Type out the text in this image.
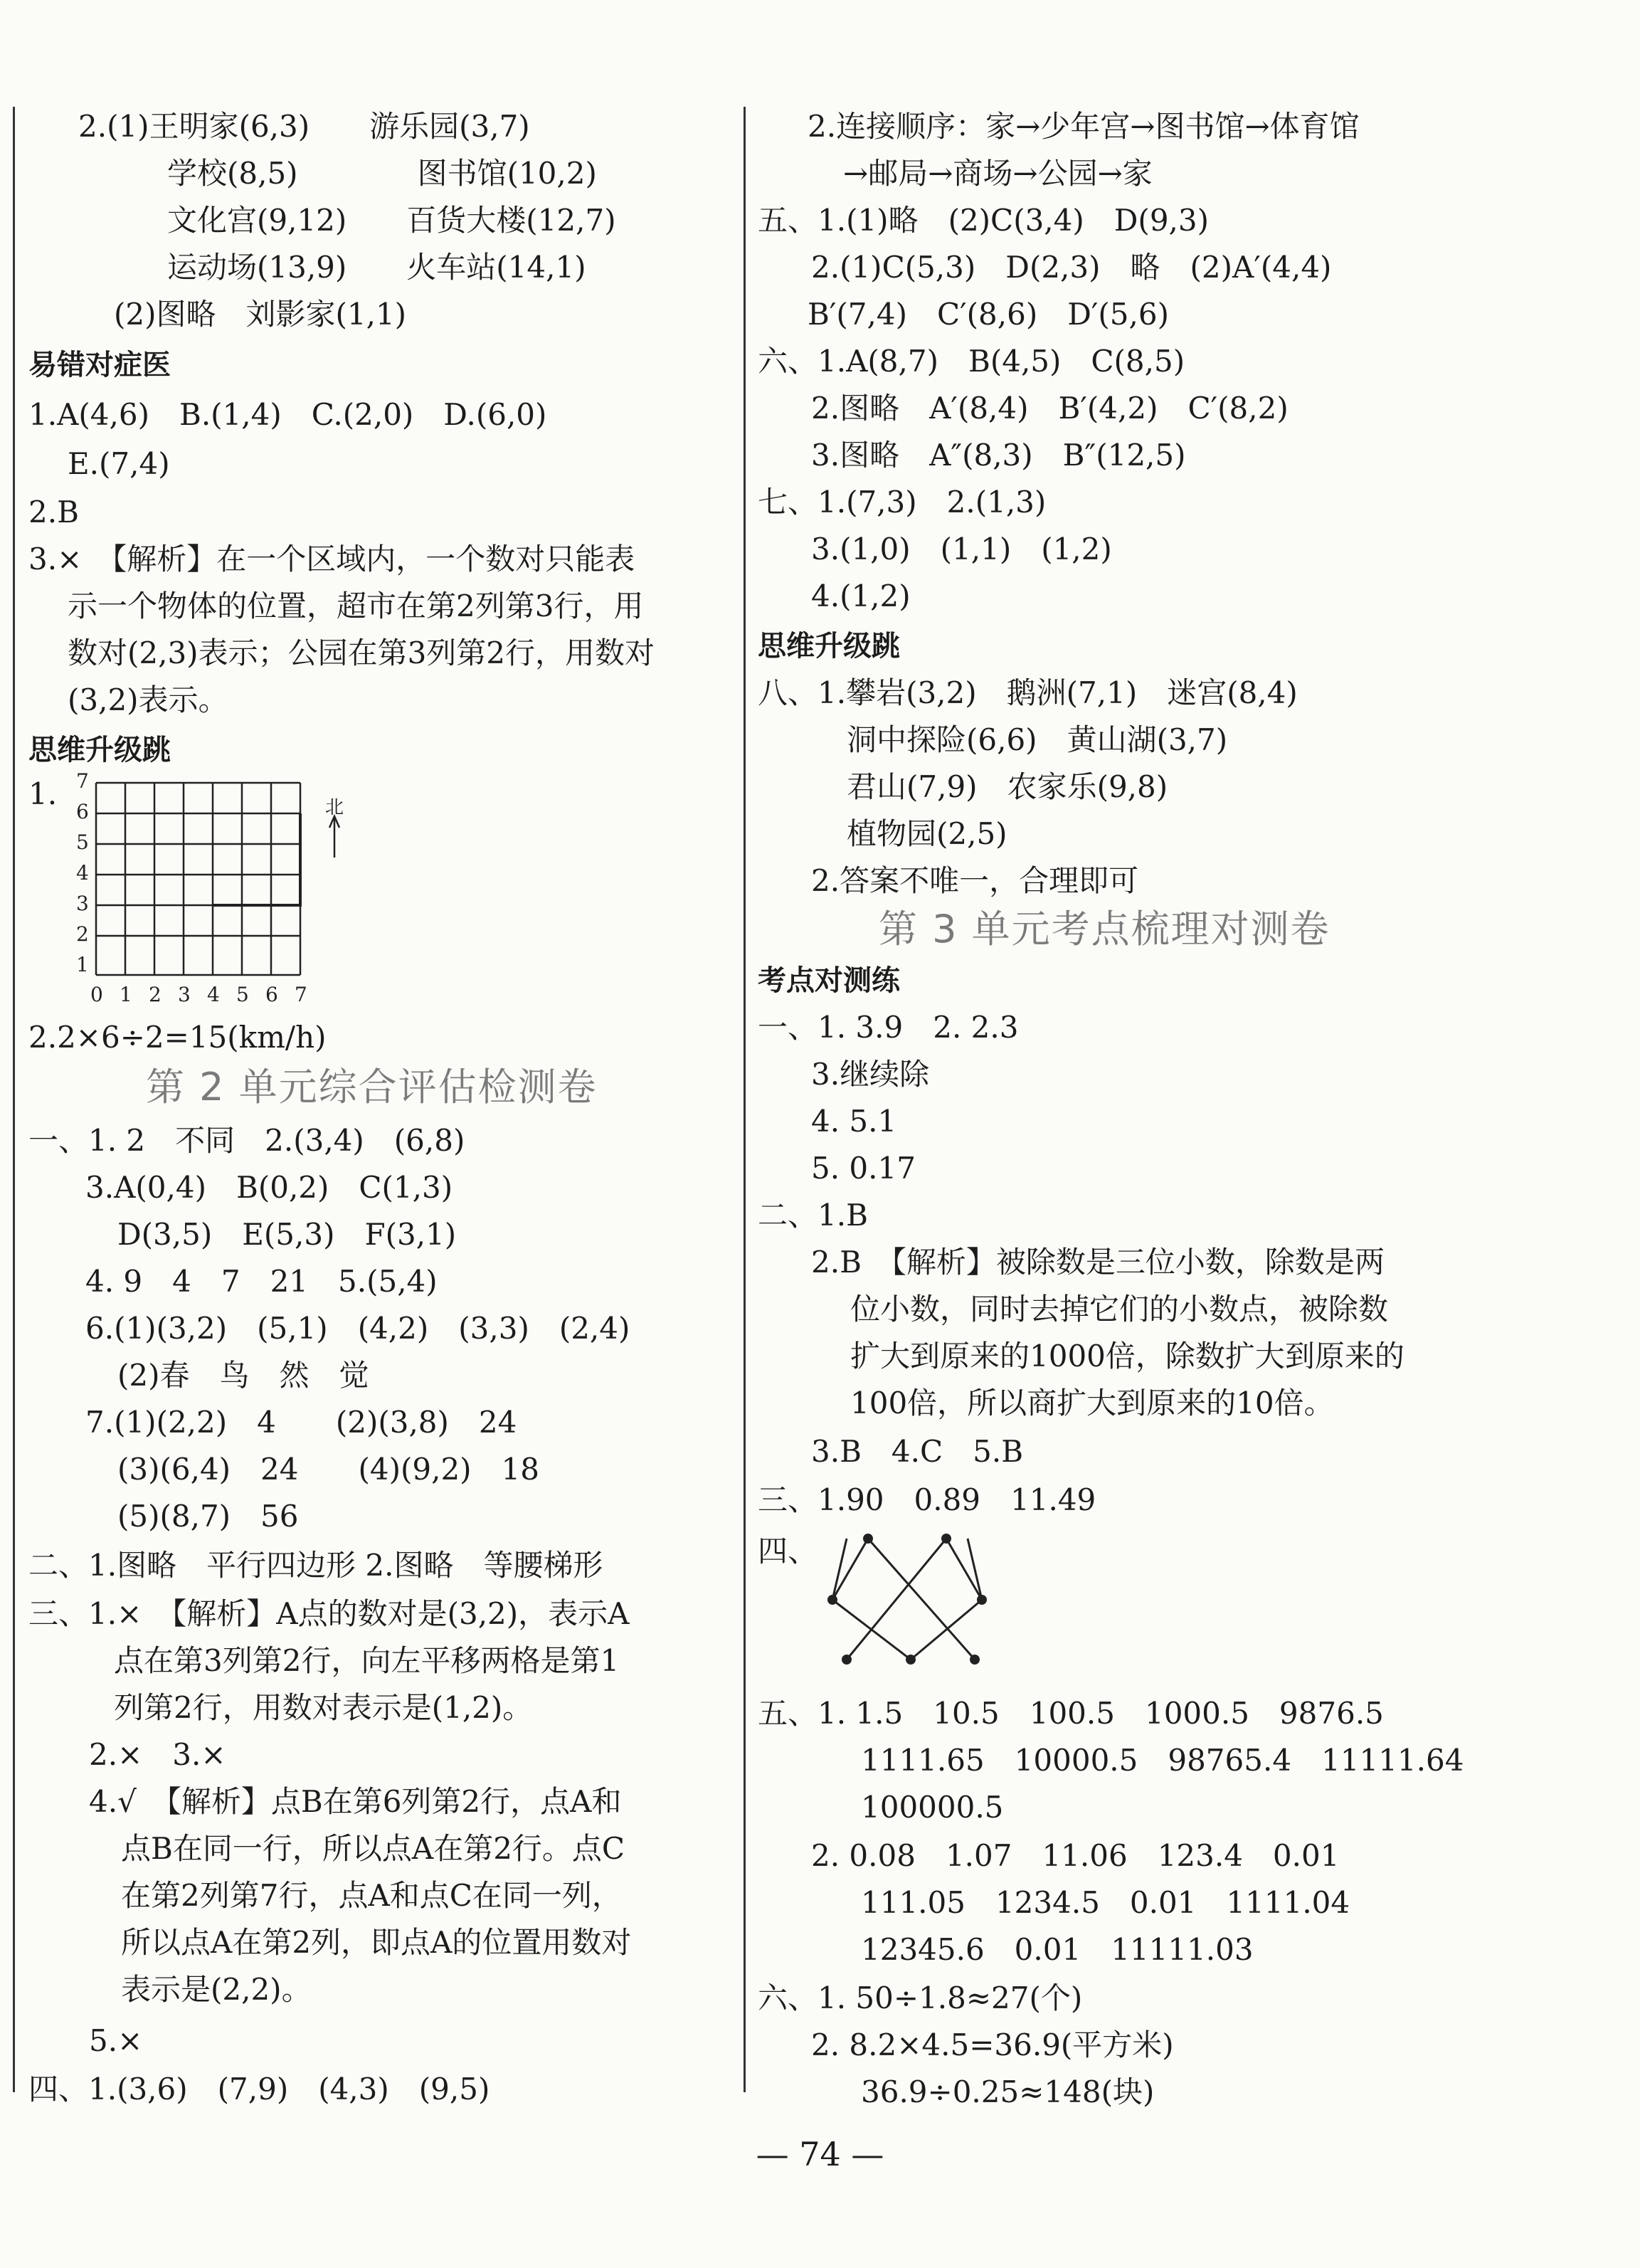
2.(1)王明家(6,3)　　游乐园(3,7)
学校(8,5)　　　　图书馆(10,2)
文化宫(9,12)　　百货大楼(12,7)
运动场(13,9)　　火车站(14,1)
(2)图略　刘影家(1,1)
易错对症医
1.A(4,6)　B.(1,4)　C.(2,0)　D.(6,0)
E.(7,4)
2.B
3.×　【解析】在一个区域内，一个数对只能表
示一个物体的位置，超市在第2列第3行，用
数对(2,3)表示；公园在第3列第2行，用数对
(3,2)表示。
思维升级跳
1. 7
6
5
4
3
2
1
0 1 2 3 4 5 6 7
北
2.2×6÷2=15(km/h)
第 2 单元综合评估检测卷
一、1. 2　不同　2.(3,4)　(6,8)
3.A(0,4)　B(0,2)　C(1,3)
D(3,5)　E(5,3)　F(3,1)
4. 9　4　7　21　5.(5,4)
6.(1)(3,2)　(5,1)　(4,2)　(3,3)　(2,4)
(2)春　鸟　然　觉
7.(1)(2,2)　4　　(2)(3,8)　24
(3)(6,4)　24　　(4)(9,2)　18
(5)(8,7)　56
二、1.图略　平行四边形 2.图略　等腰梯形
三、1.×　【解析】A点的数对是(3,2)，表示A
点在第3列第2行，向左平移两格是第1
列第2行，用数对表示是(1,2)。
2.×　3.×
4.√　【解析】点B在第6列第2行，点A和
点B在同一行，所以点A在第2行。点C
在第2列第7行，点A和点C在同一列，
所以点A在第2列，即点A的位置用数对
表示是(2,2)。
5.×
四、1.(3,6)　(7,9)　(4,3)　(9,5)
2.连接顺序：家→少年宫→图书馆→体育馆
→邮局→商场→公园→家
五、1.(1)略　(2)C(3,4)　D(9,3)
2.(1)C(5,3)　D(2,3)　略　(2)A′(4,4)
B′(7,4)　C′(8,6)　D′(5,6)
六、1.A(8,7)　B(4,5)　C(8,5)
2.图略　A′(8,4)　B′(4,2)　C′(8,2)
3.图略　A″(8,3)　B″(12,5)
七、1.(7,3)　2.(1,3)
3.(1,0)　(1,1)　(1,2)
4.(1,2)
思维升级跳
八、1.攀岩(3,2)　鹅洲(7,1)　迷宫(8,4)
洞中探险(6,6)　黄山湖(3,7)
君山(7,9)　农家乐(9,8)
植物园(2,5)
2.答案不唯一，合理即可
第 3 单元考点梳理对测卷
考点对测练
一、1. 3.9　2. 2.3
3.继续除
4. 5.1
5. 0.17
二、1.B
2.B　【解析】被除数是三位小数，除数是两
位小数，同时去掉它们的小数点，被除数
扩大到原来的1000倍，除数扩大到原来的
100倍，所以商扩大到原来的10倍。
3.B　4.C　5.B
三、1.90　0.89　11.49
四、
五、1. 1.5　10.5　100.5　1000.5　9876.5
1111.65　10000.5　98765.4　11111.64
100000.5
2. 0.08　1.07　11.06　123.4　0.01
111.05　1234.5　0.01　1111.04
12345.6　0.01　11111.03
六、1. 50÷1.8≈27(个)
2. 8.2×4.5=36.9(平方米)
36.9÷0.25≈148(块)
— 74 —
